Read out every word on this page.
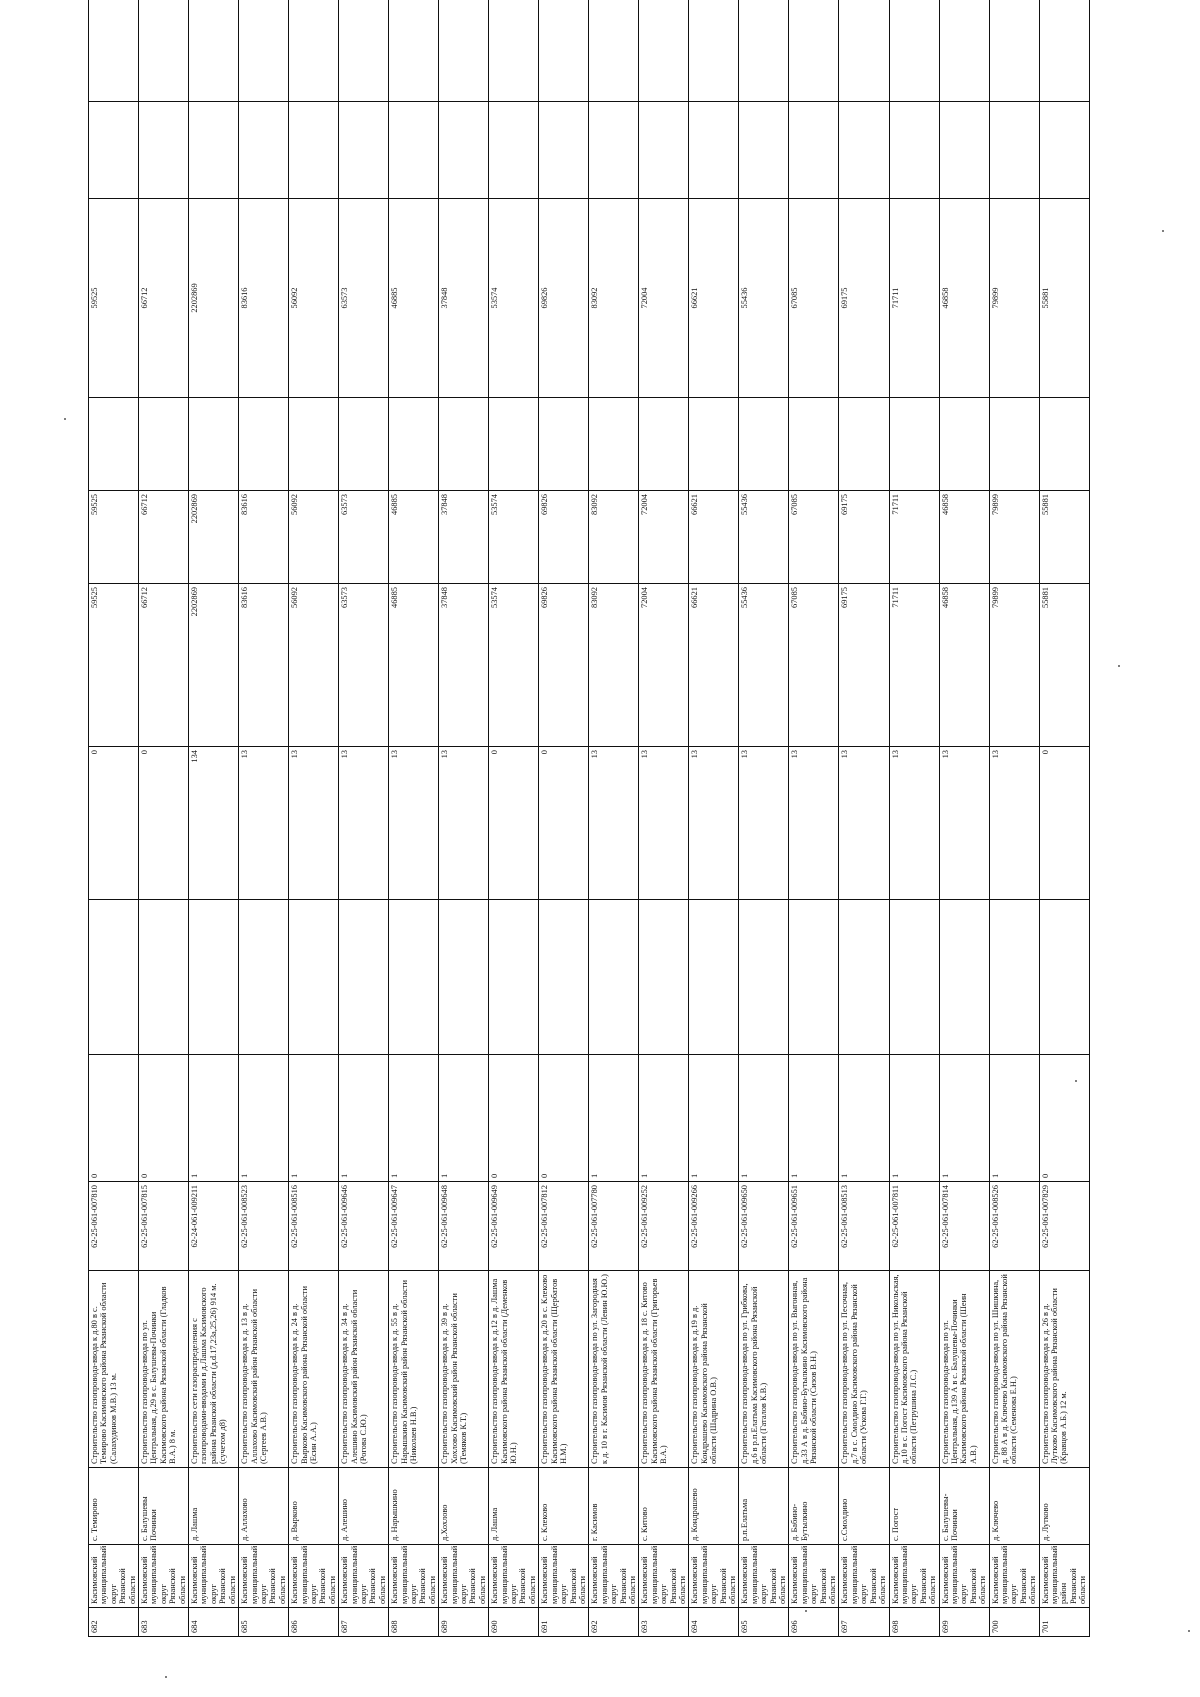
682	Касимовский муниципальный округ Рязанской области	с. Темирово	Строительство газопровода-ввода к д.80 в с. Темирово Касимовского района Рязанской области (Салахудинов М.В.) 13 м.	62-25-061-007810	0		0	59525	59525		59525		
683	Касимовский муниципальный округ Рязанской области	с. Балушевы Починки	Строительство газопровода-ввода по ул. Центральная, д.29 в с. Балушевы-Починки Касимовского района Рязанской области (Гладков В.А.) 8 м.	62-25-061-007815	0		0	66712	66712		66712		
684	Касимовский муниципальный округ Рязанской области	д. Лашма	Строительство сети газораспределения с газопроводами-вводами в д.Лашма Касимовского района Рязанской области (д.d.17,23а,25,26) 914 м. (сучетом д8)	62-24-061-009211	1		134	2202869	2202869		2202869		
685	Касимовский муниципальный округ Рязанской области	д. Аллахово	Строительство газопровода-ввода к д. 13 в д. Аллахово Касимовский район Рязанской области (Сергеев А.В.)	62-25-061-008523	1		13	83616	83616		83616		
686	Касимовский муниципальный округ Рязанской области	д. Вырково	Строительство газопровода-ввода к д. 24 в д. Вырково Касимовского района Рязанской области (Есин А.А.)	62-25-061-008516	1		13	56092	56092		56092		
687	Касимовский муниципальный округ Рязанской области	д. Алешино	Строительство газопровода-ввода к д. 34 в д. Алешино Касимовский район Рязанской области (Рогова С.Ю.)	62-25-061-009646	1		13	63573	63573		63573		
688	Касимовский муниципальный округ Рязанской области	д. Нарышкино	Строительство газопровода-ввода к д. 55 в д. Нарышкино Касимовский район Рязанской области (Николаев Н.В.)	62-25-061-009647	1		13	46885	46885		46885		
689	Касимовский муниципальный округ Рязанской области	д.Хохлово	Строительство газопровода-ввода к д. 39 в д. Хохлово Касимовский район Рязанской области (Темяков К.Т.)	62-25-061-009648	1		13	37848	37848		37848		
690	Касимовский муниципальный округ Рязанской области	д. Лашма	Строительство газопровода-ввода к д.12 в д. Лашма Касимовского района Рязанской области (Деменков Ю.Н.)	62-25-061-009649	0		0	53574	53574		53574		
691	Касимовский муниципальный округ Рязанской области	с. Клеково	Строительство газопровода-ввода к д.20 в с. Клеково Касимовского района Рязанской области (Щербатов Н.М.)	62-25-061-007812	0		0	69826	69826		69826		
692	Касимовский муниципальный округ Рязанской области	г. Касимов	Строительство газопровода-ввода по ул. Загородная к д. 10 в г. Касимов Рязанской области (Левин Ю.Ю.)	62-25-061-007780	1		13	83092	83092		83092		
693	Касимовский муниципальный округ Рязанской области	с. Китово	Строительство газопровода-ввода к д. 18 с. Китово Касимовского района Рязанской области (Григорьев В.А.)	62-25-061-009252	1		13	72004	72004		72004		
694	Касимовский муниципальный округ Рязанской области	д. Кондрашево	Строительство газопровода-ввода к д.19 в д. Кондрашево Касимовского района Рязанской области (Шадрина О.В.)	62-25-061-009266	1		13	66621	66621		66621		
695	Касимовский муниципальный округ Рязанской области	р.п.Елатьма	Строительство газопровода-ввода по ул. Грибкова, д.6 в р.п.Елатьма Касимовского района Рязанской области (Гаталов К.В.)	62-25-061-009650	1		13	55436	55436		55436		
696	Касимовский муниципальный округ Рязанской области	д. Бабино-Бутылкино	Строительство газопровода-ввода по ул. Выгонная, д.33 А в д. Бабино-Бутылкино Касимовского района Рязанской области (Сизов В.Н.)	62-25-061-009651	1		13	67085	67085		67085		
697	Касимовский муниципальный округ Рязанской области	с.Смолдино	Строительство газопровода-ввода по ул. Песочная, д.7 в с. Смолдино Касимовского района Рязанской области (Ускова Г.Г.)	62-25-061-008513	1		13	69175	69175		69175		
698	Касимовский муниципальный округ Рязанской области	с. Погост	Строительство газопровода-ввода по ул. Никольская, д.10 в с. Погост Касимовского района Рязанской области (Петрушина Л.С.)	62-25-061-007811	1		13	71711	71711		71711		
699	Касимовский муниципальный округ Рязанской области	с. Балушевы-Починки	Строительство газопровода-ввода по ул. Центральная, д.139 А в с. Балушевы-Починки Касимовского района Рязанской области (Шеин А.В.)	62-25-061-007814	1		13	46858	46858		46858		
700	Касимовский муниципальный округ Рязанской области	д. Ключево	Строительство газопровода-ввода по ул. Шишкина, д. 88 А в д. Ключево Касимовского района Рязанской области (Семенова Е.Н.)	62-25-061-008526	1		13	79899	79899		79899		
701	Касимовский муниципальный район Рязанской области	д. Лутково	Строительство газопровода-ввода к д. 26 в д. Лутково Касимовского района Рязанской области (Кравцов А.Б.) 12 м.	62-25-061-007829	0		0	55881	55881		55881		
